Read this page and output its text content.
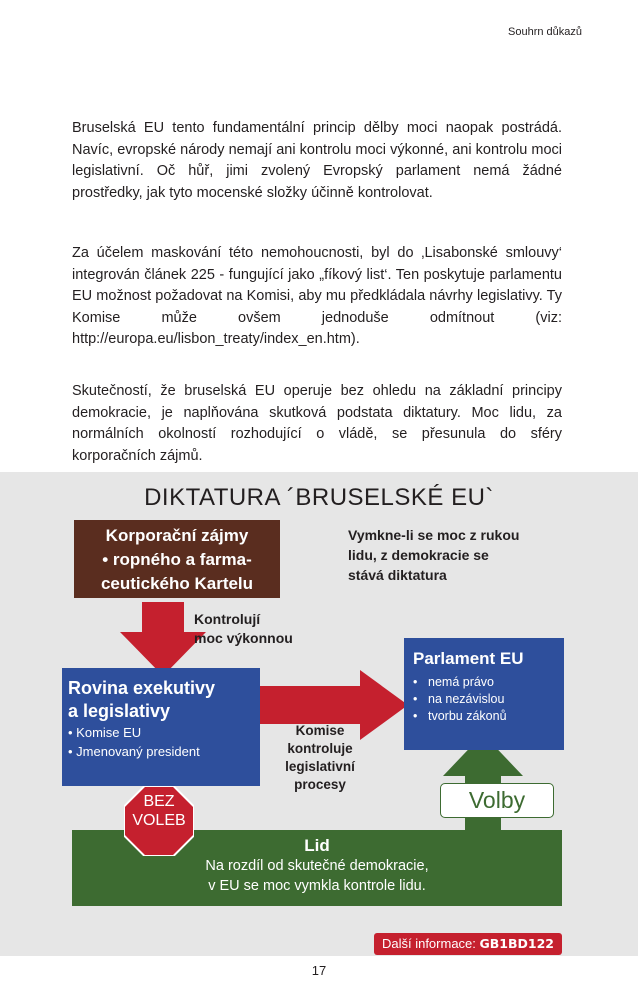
Souhrn důkazů

Bruselská EU tento fundamentální princip dělby moci naopak postrádá. Navíc, evropské národy nemají ani kontrolu moci výkonné, ani kontrolu moci legislativní. Oč hůř, jimi zvolený Evropský parlament nemá žádné prostředky, jak tyto mocenské složky účinně kontrolovat.

Za účelem maskování této nemohoucnosti, byl do ‚Lisabonské smlouvy‘ integrován článek 225 - fungující jako „fíkový list‘. Ten poskytuje parlamentu EU možnost požadovat na Komisi, aby mu předkládala návrhy legislativy. Ty Komise může ovšem jednoduše odmítnout (viz: http://europa.eu/lisbon_treaty/index_en.htm).

Skutečností, že bruselská EU operuje bez ohledu na základní principy demokracie, je naplňována skutková podstata diktatury. Moc lidu, za normálních okolností rozhodující o vládě, se přesunula do sféry korporačních zájmů.

DIKTATURA ´BRUSELSKÉ EU`
Korporační zájmy
• ropného a farma-
ceutického Kartelu
Vymkne-li se moc z rukou
lidu, z demokracie se
stává diktatura
Kontrolují
moc výkonnou
Rovina exekutivy
a legislativy
• Komise EU
• Jmenovaný president
Komise
kontroluje
legislativní
procesy
Parlament EU
• nemá právo
• na nezávislou
• tvorbu zákonů
Lid
Na rozdíl od skutečné demokracie,
v EU se moc vymkla kontrole lidu.
BEZ
VOLEB
Volby
Další informace: GB1BD122
17
